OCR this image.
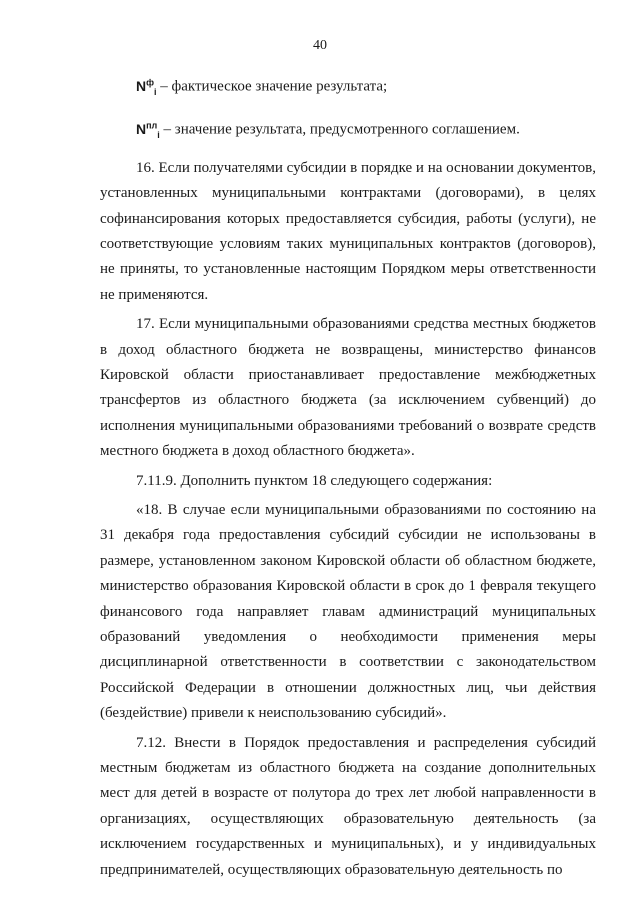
40

$N^ф_i$ – фактическое значение результата;

$N^{пл}_i$ – значение результата, предусмотренного соглашением.

16. Если получателями субсидии в порядке и на основании документов, установленных муниципальными контрактами (договорами), в целях софинансирования которых предоставляется субсидия, работы (услуги), не соответствующие условиям таких муниципальных контрактов (договоров), не приняты, то установленные настоящим Порядком меры ответственности не применяются.

17. Если муниципальными образованиями средства местных бюджетов в доход областного бюджета не возвращены, министерство финансов Кировской области приостанавливает предоставление межбюджетных трансфертов из областного бюджета (за исключением субвенций) до исполнения муниципальными образованиями требований о возврате средств местного бюджета в доход областного бюджета».

7.11.9. Дополнить пунктом 18 следующего содержания:

«18. В случае если муниципальными образованиями по состоянию на 31 декабря года предоставления субсидий субсидии не использованы в размере, установленном законом Кировской области об областном бюджете, министерство образования Кировской области в срок до 1 февраля текущего финансового года направляет главам администраций муниципальных образований уведомления о необходимости применения меры дисциплинарной ответственности в соответствии с законодательством Российской Федерации в отношении должностных лиц, чьи действия (бездействие) привели к неиспользованию субсидий».

7.12. Внести в Порядок предоставления и распределения субсидий местным бюджетам из областного бюджета на создание дополнительных мест для детей в возрасте от полутора до трех лет любой направленности в организациях, осуществляющих образовательную деятельность (за исключением государственных и муниципальных), и у индивидуальных предпринимателей, осуществляющих образовательную деятельность по
